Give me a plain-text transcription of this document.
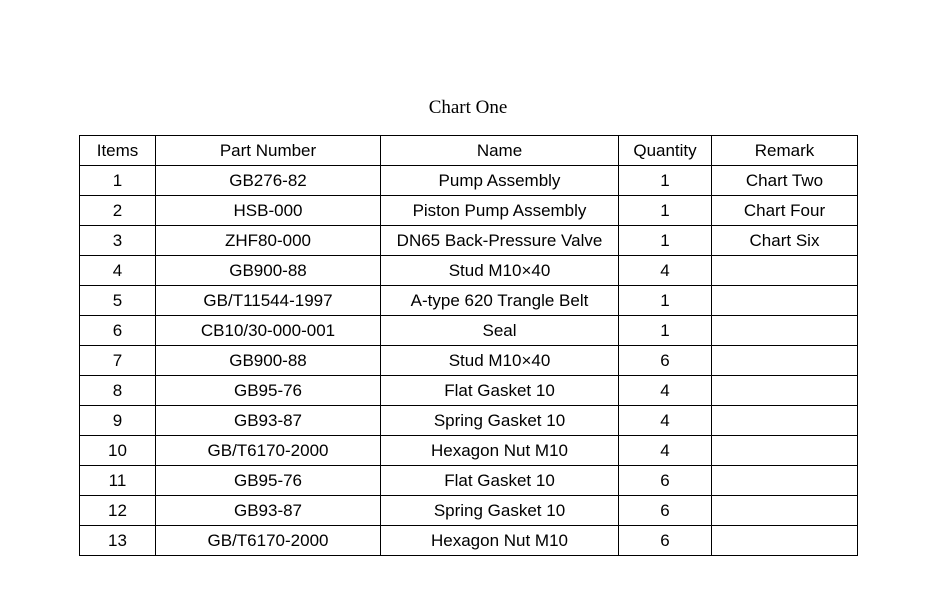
Chart One
Items	Part Number	Name	Quantity	Remark
1	GB276-82	Pump Assembly	1	Chart Two
2	HSB-000	Piston Pump Assembly	1	Chart Four
3	ZHF80-000	DN65 Back-Pressure Valve	1	Chart Six
4	GB900-88	Stud M10×40	4	
5	GB/T11544-1997	A-type 620 Trangle Belt	1	
6	CB10/30-000-001	Seal	1	
7	GB900-88	Stud M10×40	6	
8	GB95-76	Flat Gasket 10	4	
9	GB93-87	Spring Gasket 10	4	
10	GB/T6170-2000	Hexagon Nut M10	4	
11	GB95-76	Flat Gasket 10	6	
12	GB93-87	Spring Gasket 10	6	
13	GB/T6170-2000	Hexagon Nut M10	6	
